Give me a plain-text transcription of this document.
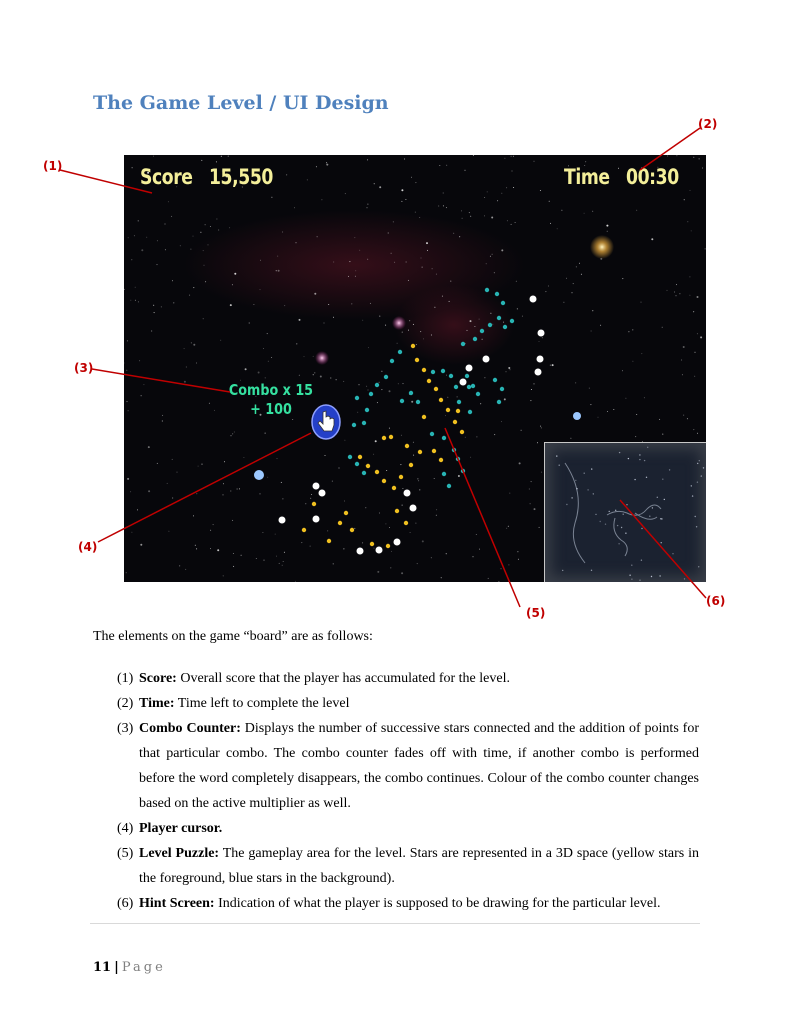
The Game Level / UI Design
Score 15,550	Time 00:30
Combo x 15
+ 100
(1)
(2)
(3)
(4)
(5)
(6)

The elements on the game “board” are as follows:

(1) Score: Overall score that the player has accumulated for the level.
(2) Time: Time left to complete the level
(3) Combo Counter: Displays the number of successive stars connected and the addition of points for that particular combo. The combo counter fades off with time, if another combo is performed before the word completely disappears, the combo continues. Colour of the combo counter changes based on the active multiplier as well.
(4) Player cursor.
(5) Level Puzzle: The gameplay area for the level. Stars are represented in a 3D space (yellow stars in the foreground, blue stars in the background).
(6) Hint Screen: Indication of what the player is supposed to be drawing for the particular level.
11 | Page
